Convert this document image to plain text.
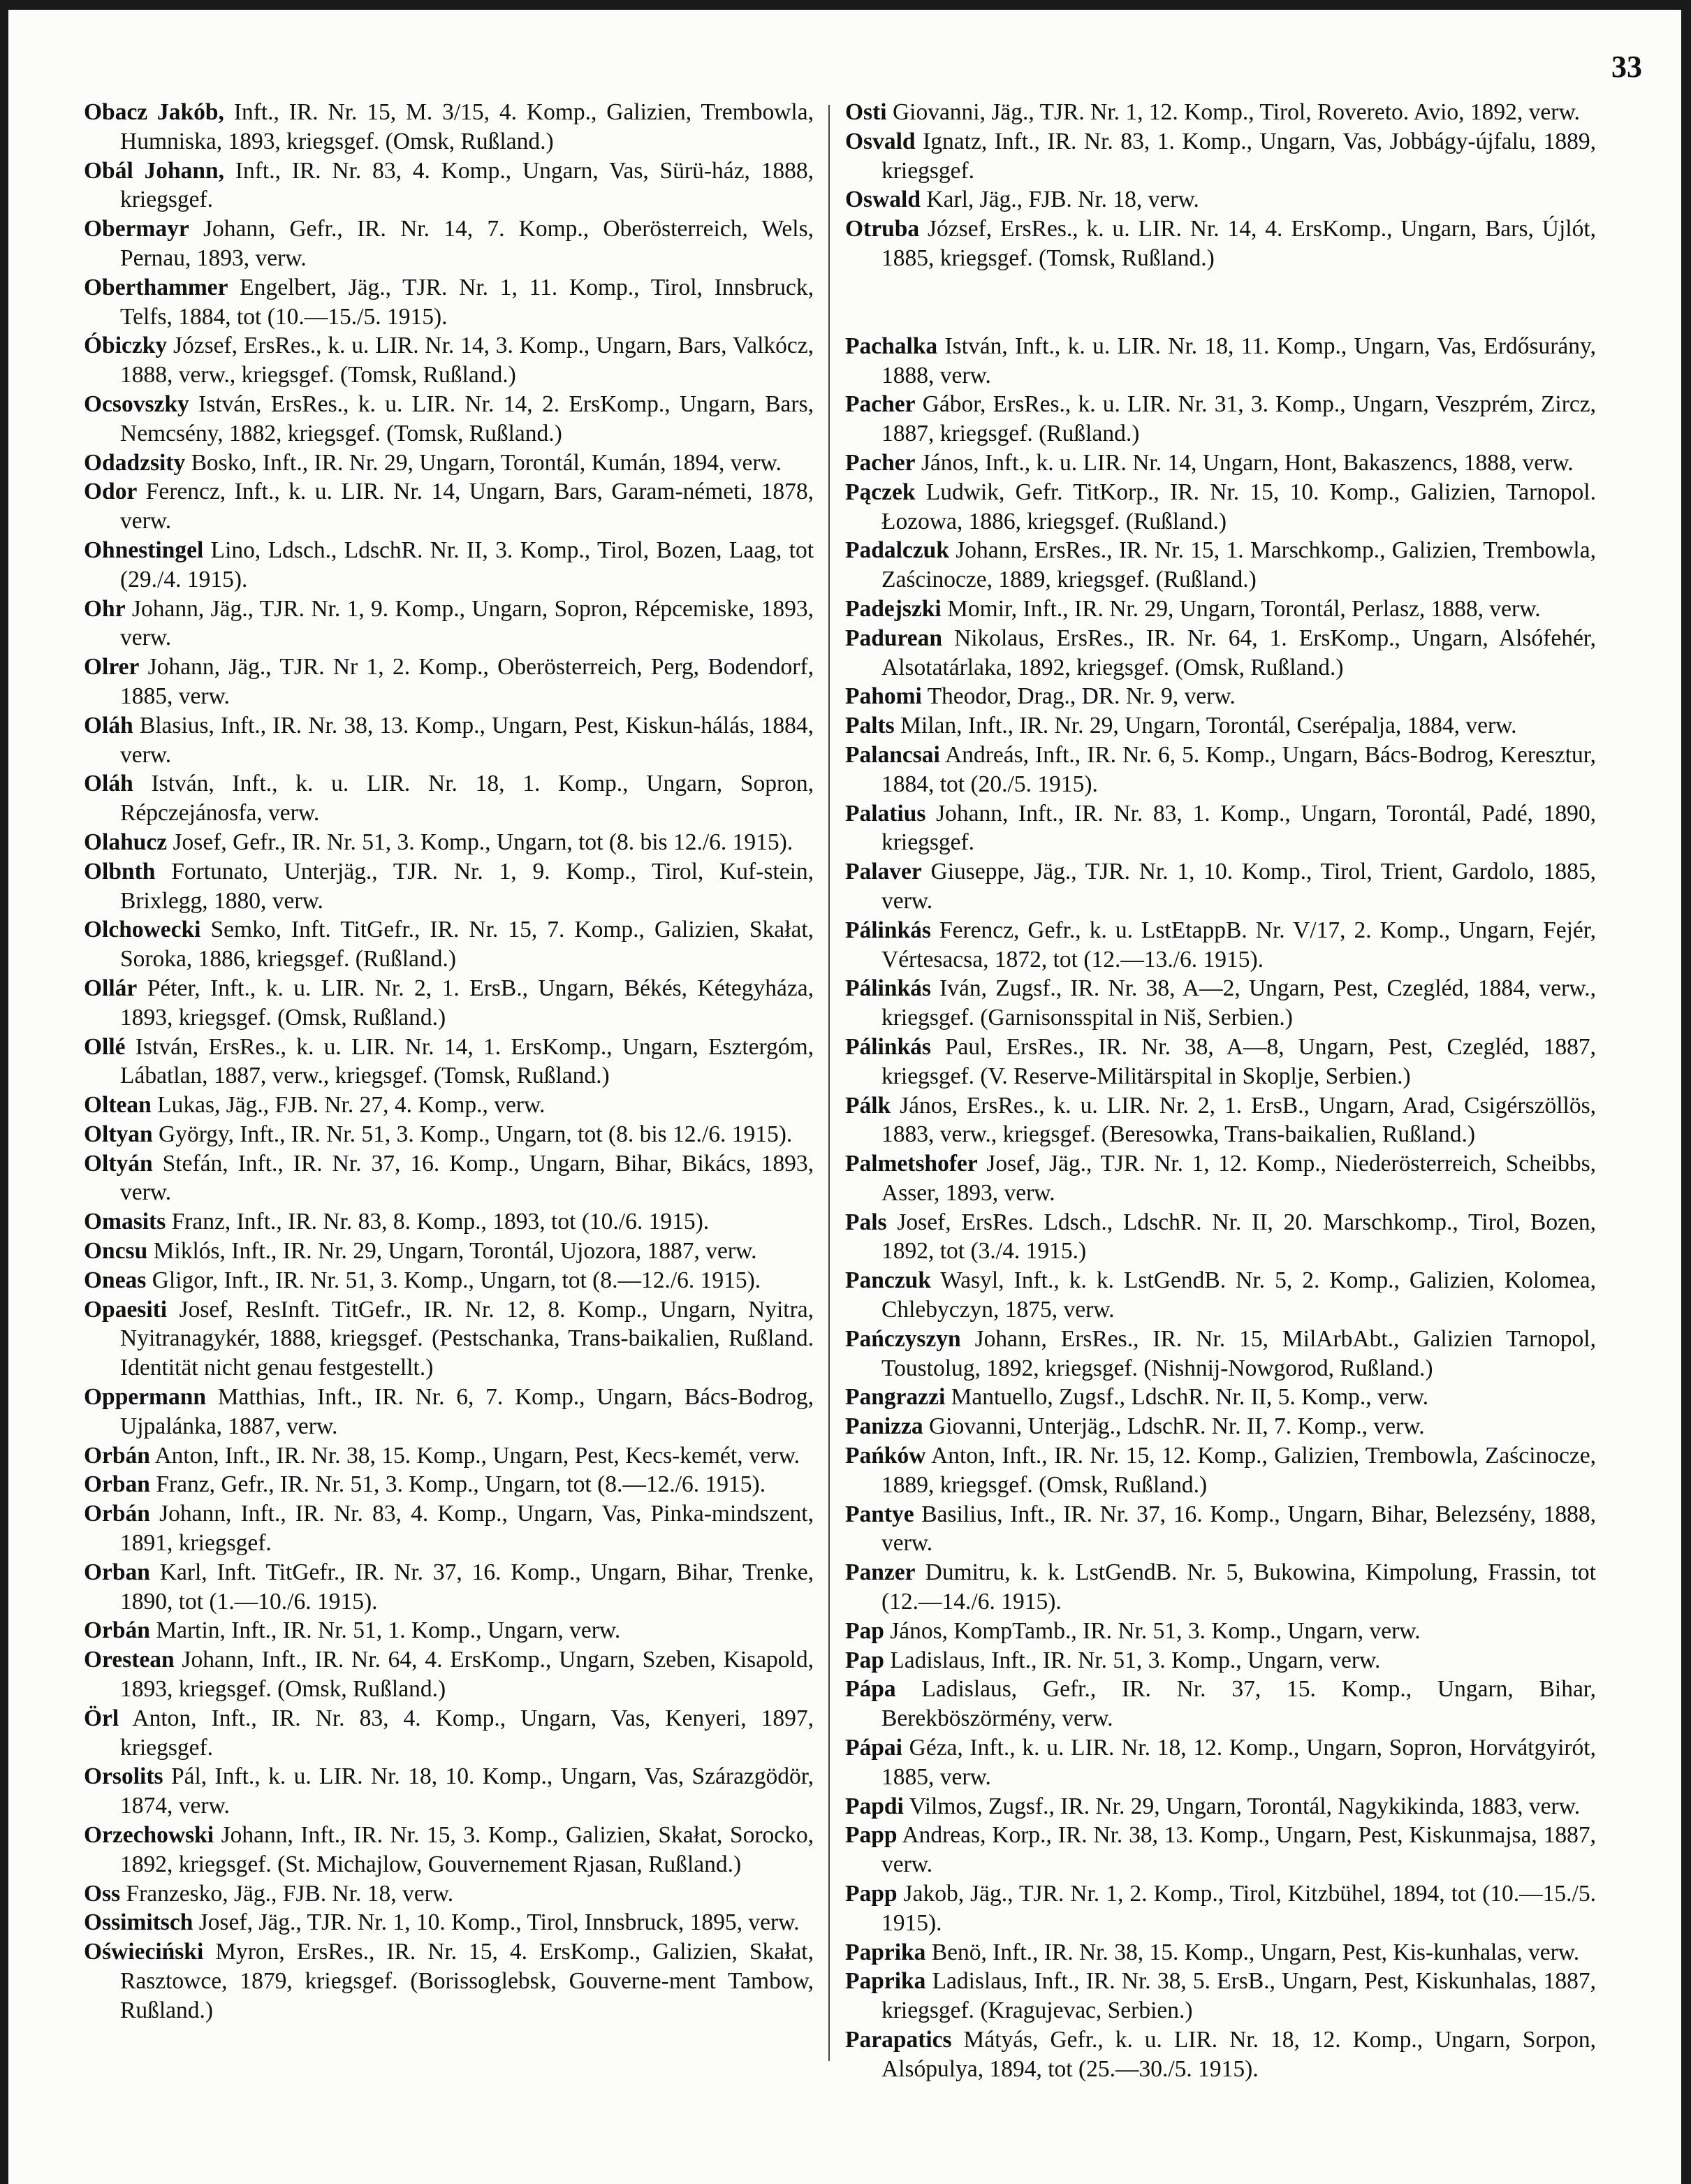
33

Obacz Jakób, Inft., IR. Nr. 15, M. 3/15, 4. Komp., Galizien, Trembowla, Humniska, 1893, kriegsgef. (Omsk, Rußland.)

Obál Johann, Inft., IR. Nr. 83, 4. Komp., Ungarn, Vas, Sürü-ház, 1888, kriegsgef.

Obermayr Johann, Gefr., IR. Nr. 14, 7. Komp., Oberösterreich, Wels, Pernau, 1893, verw.

Oberthammer Engelbert, Jäg., TJR. Nr. 1, 11. Komp., Tirol, Innsbruck, Telfs, 1884, tot (10.—15./5. 1915).

Óbiczky József, ErsRes., k. u. LIR. Nr. 14, 3. Komp., Ungarn, Bars, Valkócz, 1888, verw., kriegsgef. (Tomsk, Rußland.)

Ocsovszky István, ErsRes., k. u. LIR. Nr. 14, 2. ErsKomp., Ungarn, Bars, Nemcsény, 1882, kriegsgef. (Tomsk, Rußland.)

Odadzsity Bosko, Inft., IR. Nr. 29, Ungarn, Torontál, Kumán, 1894, verw.

Odor Ferencz, Inft., k. u. LIR. Nr. 14, Ungarn, Bars, Garam-németi, 1878, verw.

Ohnestingel Lino, Ldsch., LdschR. Nr. II, 3. Komp., Tirol, Bozen, Laag, tot (29./4. 1915).

Ohr Johann, Jäg., TJR. Nr. 1, 9. Komp., Ungarn, Sopron, Répcemiske, 1893, verw.

Olrer Johann, Jäg., TJR. Nr 1, 2. Komp., Oberösterreich, Perg, Bodendorf, 1885, verw.

Oláh Blasius, Inft., IR. Nr. 38, 13. Komp., Ungarn, Pest, Kiskun-hálás, 1884, verw.

Oláh István, Inft., k. u. LIR. Nr. 18, 1. Komp., Ungarn, Sopron, Répczejánosfa, verw.

Olahucz Josef, Gefr., IR. Nr. 51, 3. Komp., Ungarn, tot (8. bis 12./6. 1915).

Olbnth Fortunato, Unterjäg., TJR. Nr. 1, 9. Komp., Tirol, Kuf-stein, Brixlegg, 1880, verw.

Olchowecki Semko, Inft. TitGefr., IR. Nr. 15, 7. Komp., Galizien, Skałat, Soroka, 1886, kriegsgef. (Rußland.)

Ollár Péter, Inft., k. u. LIR. Nr. 2, 1. ErsB., Ungarn, Békés, Kétegyháza, 1893, kriegsgef. (Omsk, Rußland.)

Ollé István, ErsRes., k. u. LIR. Nr. 14, 1. ErsKomp., Ungarn, Esztergóm, Lábatlan, 1887, verw., kriegsgef. (Tomsk, Rußland.)

Oltean Lukas, Jäg., FJB. Nr. 27, 4. Komp., verw.

Oltyan György, Inft., IR. Nr. 51, 3. Komp., Ungarn, tot (8. bis 12./6. 1915).

Oltyán Stefán, Inft., IR. Nr. 37, 16. Komp., Ungarn, Bihar, Bikács, 1893, verw.

Omasits Franz, Inft., IR. Nr. 83, 8. Komp., 1893, tot (10./6. 1915).

Oncsu Miklós, Inft., IR. Nr. 29, Ungarn, Torontál, Ujozora, 1887, verw.

Oneas Gligor, Inft., IR. Nr. 51, 3. Komp., Ungarn, tot (8.—12./6. 1915).

Opaesiti Josef, ResInft. TitGefr., IR. Nr. 12, 8. Komp., Ungarn, Nyitra, Nyitranagykér, 1888, kriegsgef. (Pestschanka, Trans-baikalien, Rußland. Identität nicht genau festgestellt.)

Oppermann Matthias, Inft., IR. Nr. 6, 7. Komp., Ungarn, Bács-Bodrog, Ujpalánka, 1887, verw.

Orbán Anton, Inft., IR. Nr. 38, 15. Komp., Ungarn, Pest, Kecs-kemét, verw.

Orban Franz, Gefr., IR. Nr. 51, 3. Komp., Ungarn, tot (8.—12./6. 1915).

Orbán Johann, Inft., IR. Nr. 83, 4. Komp., Ungarn, Vas, Pinka-mindszent, 1891, kriegsgef.

Orban Karl, Inft. TitGefr., IR. Nr. 37, 16. Komp., Ungarn, Bihar, Trenke, 1890, tot (1.—10./6. 1915).

Orbán Martin, Inft., IR. Nr. 51, 1. Komp., Ungarn, verw.

Orestean Johann, Inft., IR. Nr. 64, 4. ErsKomp., Ungarn, Szeben, Kisapold, 1893, kriegsgef. (Omsk, Rußland.)

Örl Anton, Inft., IR. Nr. 83, 4. Komp., Ungarn, Vas, Kenyeri, 1897, kriegsgef.

Orsolits Pál, Inft., k. u. LIR. Nr. 18, 10. Komp., Ungarn, Vas, Szárazgödör, 1874, verw.

Orzechowski Johann, Inft., IR. Nr. 15, 3. Komp., Galizien, Skałat, Sorocko, 1892, kriegsgef. (St. Michajlow, Gouvernement Rjasan, Rußland.)

Oss Franzesko, Jäg., FJB. Nr. 18, verw.

Ossimitsch Josef, Jäg., TJR. Nr. 1, 10. Komp., Tirol, Innsbruck, 1895, verw.

Oświeciński Myron, ErsRes., IR. Nr. 15, 4. ErsKomp., Galizien, Skałat, Rasztowce, 1879, kriegsgef. (Borissoglebsk, Gouverne-ment Tambow, Rußland.)

Osti Giovanni, Jäg., TJR. Nr. 1, 12. Komp., Tirol, Rovereto. Avio, 1892, verw.

Osvald Ignatz, Inft., IR. Nr. 83, 1. Komp., Ungarn, Vas, Jobbágy-újfalu, 1889, kriegsgef.

Oswald Karl, Jäg., FJB. Nr. 18, verw.

Otruba József, ErsRes., k. u. LIR. Nr. 14, 4. ErsKomp., Ungarn, Bars, Újlót, 1885, kriegsgef. (Tomsk, Rußland.)

Pachalka István, Inft., k. u. LIR. Nr. 18, 11. Komp., Ungarn, Vas, Erdősurány, 1888, verw.

Pacher Gábor, ErsRes., k. u. LIR. Nr. 31, 3. Komp., Ungarn, Veszprém, Zircz, 1887, kriegsgef. (Rußland.)

Pacher János, Inft., k. u. LIR. Nr. 14, Ungarn, Hont, Bakaszencs, 1888, verw.

Pączek Ludwik, Gefr. TitKorp., IR. Nr. 15, 10. Komp., Galizien, Tarnopol. Łozowa, 1886, kriegsgef. (Rußland.)

Padalczuk Johann, ErsRes., IR. Nr. 15, 1. Marschkomp., Galizien, Trembowla, Zaścinocze, 1889, kriegsgef. (Rußland.)

Padejszki Momir, Inft., IR. Nr. 29, Ungarn, Torontál, Perlasz, 1888, verw.

Padurean Nikolaus, ErsRes., IR. Nr. 64, 1. ErsKomp., Ungarn, Alsófehér, Alsotatárlaka, 1892, kriegsgef. (Omsk, Rußland.)

Pahomi Theodor, Drag., DR. Nr. 9, verw.

Palts Milan, Inft., IR. Nr. 29, Ungarn, Torontál, Cserépalja, 1884, verw.

Palancsai Andreás, Inft., IR. Nr. 6, 5. Komp., Ungarn, Bács-Bodrog, Keresztur, 1884, tot (20./5. 1915).

Palatius Johann, Inft., IR. Nr. 83, 1. Komp., Ungarn, Torontál, Padé, 1890, kriegsgef.

Palaver Giuseppe, Jäg., TJR. Nr. 1, 10. Komp., Tirol, Trient, Gardolo, 1885, verw.

Pálinkás Ferencz, Gefr., k. u. LstEtappB. Nr. V/17, 2. Komp., Ungarn, Fejér, Vértesacsa, 1872, tot (12.—13./6. 1915).

Pálinkás Iván, Zugsf., IR. Nr. 38, A—2, Ungarn, Pest, Czegléd, 1884, verw., kriegsgef. (Garnisonsspital in Niš, Serbien.)

Pálinkás Paul, ErsRes., IR. Nr. 38, A—8, Ungarn, Pest, Czegléd, 1887, kriegsgef. (V. Reserve-Militärspital in Skoplje, Serbien.)

Pálk János, ErsRes., k. u. LIR. Nr. 2, 1. ErsB., Ungarn, Arad, Csigérszöllös, 1883, verw., kriegsgef. (Beresowka, Trans-baikalien, Rußland.)

Palmetshofer Josef, Jäg., TJR. Nr. 1, 12. Komp., Niederösterreich, Scheibbs, Asser, 1893, verw.

Pals Josef, ErsRes. Ldsch., LdschR. Nr. II, 20. Marschkomp., Tirol, Bozen, 1892, tot (3./4. 1915.)

Panczuk Wasyl, Inft., k. k. LstGendB. Nr. 5, 2. Komp., Galizien, Kolomea, Chlebyczyn, 1875, verw.

Pańczyszyn Johann, ErsRes., IR. Nr. 15, MilArbAbt., Galizien Tarnopol, Toustolug, 1892, kriegsgef. (Nishnij-Nowgorod, Rußland.)

Pangrazzi Mantuello, Zugsf., LdschR. Nr. II, 5. Komp., verw.

Panizza Giovanni, Unterjäg., LdschR. Nr. II, 7. Komp., verw.

Pańków Anton, Inft., IR. Nr. 15, 12. Komp., Galizien, Trembowla, Zaścinocze, 1889, kriegsgef. (Omsk, Rußland.)

Pantye Basilius, Inft., IR. Nr. 37, 16. Komp., Ungarn, Bihar, Belezsény, 1888, verw.

Panzer Dumitru, k. k. LstGendB. Nr. 5, Bukowina, Kimpolung, Frassin, tot (12.—14./6. 1915).

Pap János, KompTamb., IR. Nr. 51, 3. Komp., Ungarn, verw.

Pap Ladislaus, Inft., IR. Nr. 51, 3. Komp., Ungarn, verw.

Pápa Ladislaus, Gefr., IR. Nr. 37, 15. Komp., Ungarn, Bihar, Berekböszörmény, verw.

Pápai Géza, Inft., k. u. LIR. Nr. 18, 12. Komp., Ungarn, Sopron, Horvátgyirót, 1885, verw.

Papdi Vilmos, Zugsf., IR. Nr. 29, Ungarn, Torontál, Nagykikinda, 1883, verw.

Papp Andreas, Korp., IR. Nr. 38, 13. Komp., Ungarn, Pest, Kiskunmajsa, 1887, verw.

Papp Jakob, Jäg., TJR. Nr. 1, 2. Komp., Tirol, Kitzbühel, 1894, tot (10.—15./5. 1915).

Paprika Benö, Inft., IR. Nr. 38, 15. Komp., Ungarn, Pest, Kis-kunhalas, verw.

Paprika Ladislaus, Inft., IR. Nr. 38, 5. ErsB., Ungarn, Pest, Kiskunhalas, 1887, kriegsgef. (Kragujevac, Serbien.)

Parapatics Mátyás, Gefr., k. u. LIR. Nr. 18, 12. Komp., Ungarn, Sorpon, Alsópulya, 1894, tot (25.—30./5. 1915).
